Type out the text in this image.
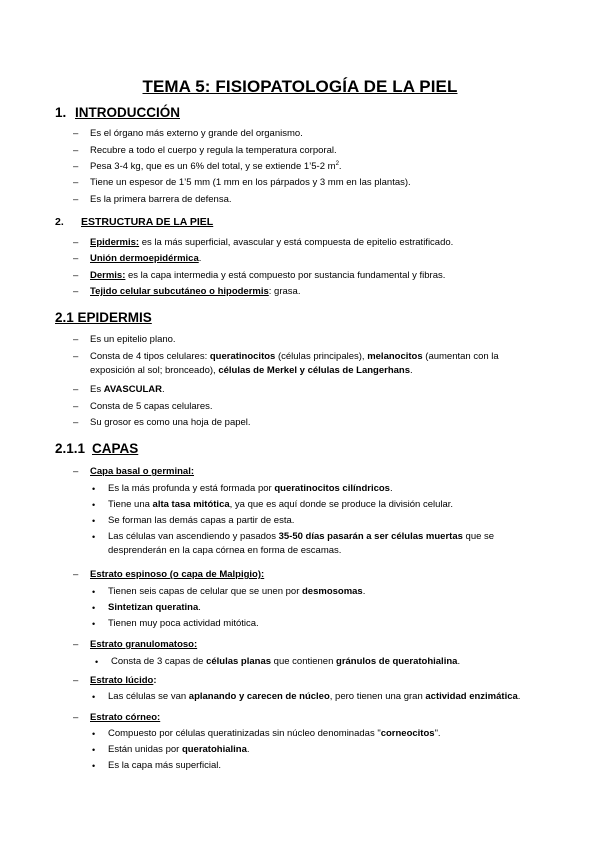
TEMA 5: FISIOPATOLOGÍA DE LA PIEL
1. INTRODUCCIÓN
– Es el órgano más externo y grande del organismo.
– Recubre a todo el cuerpo y regula la temperatura corporal.
– Pesa 3-4 kg, que es un 6% del total, y se extiende 1’5-2 $m^2$.
– Tiene un espesor de 1’5 mm (1 mm en los párpados y 3 mm en las plantas).
– Es la primera barrera de defensa.
2. ESTRUCTURA DE LA PIEL
– Epidermis: es la más superficial, avascular y está compuesta de epitelio estratificado.
– Unión dermoepidérmica.
– Dermis: es la capa intermedia y está compuesto por sustancia fundamental y fibras.
– Tejido celular subcutáneo o hipodermis: grasa.
2.1 EPIDERMIS
– Es un epitelio plano.
– Consta de 4 tipos celulares: queratinocitos (células principales), melanocitos (aumentan con la
exposición al sol; bronceado), células de Merkel y células de Langerhans.
– Es AVASCULAR.
– Consta de 5 capas celulares.
– Su grosor es como una hoja de papel.
2.1.1 CAPAS
– Capa basal o germinal:
• Es la más profunda y está formada por queratinocitos cilíndricos.
• Tiene una alta tasa mitótica, ya que es aquí donde se produce la división celular.
• Se forman las demás capas a partir de esta.
• Las células van ascendiendo y pasados 35-50 días pasarán a ser células muertas que se
desprenderán en la capa córnea en forma de escamas.
– Estrato espinoso (o capa de Malpigio):
• Tienen seis capas de celular que se unen por desmosomas.
• Sintetizan queratina.
• Tienen muy poca actividad mitótica.
– Estrato granulomatoso:
• Consta de 3 capas de células planas que contienen gránulos de queratohialina.
– Estrato lúcido:
• Las células se van aplanando y carecen de núcleo, pero tienen una gran actividad enzimática.
– Estrato córneo:
• Compuesto por células queratinizadas sin núcleo denominadas "corneocitos".
• Están unidas por queratohialina.
• Es la capa más superficial.
